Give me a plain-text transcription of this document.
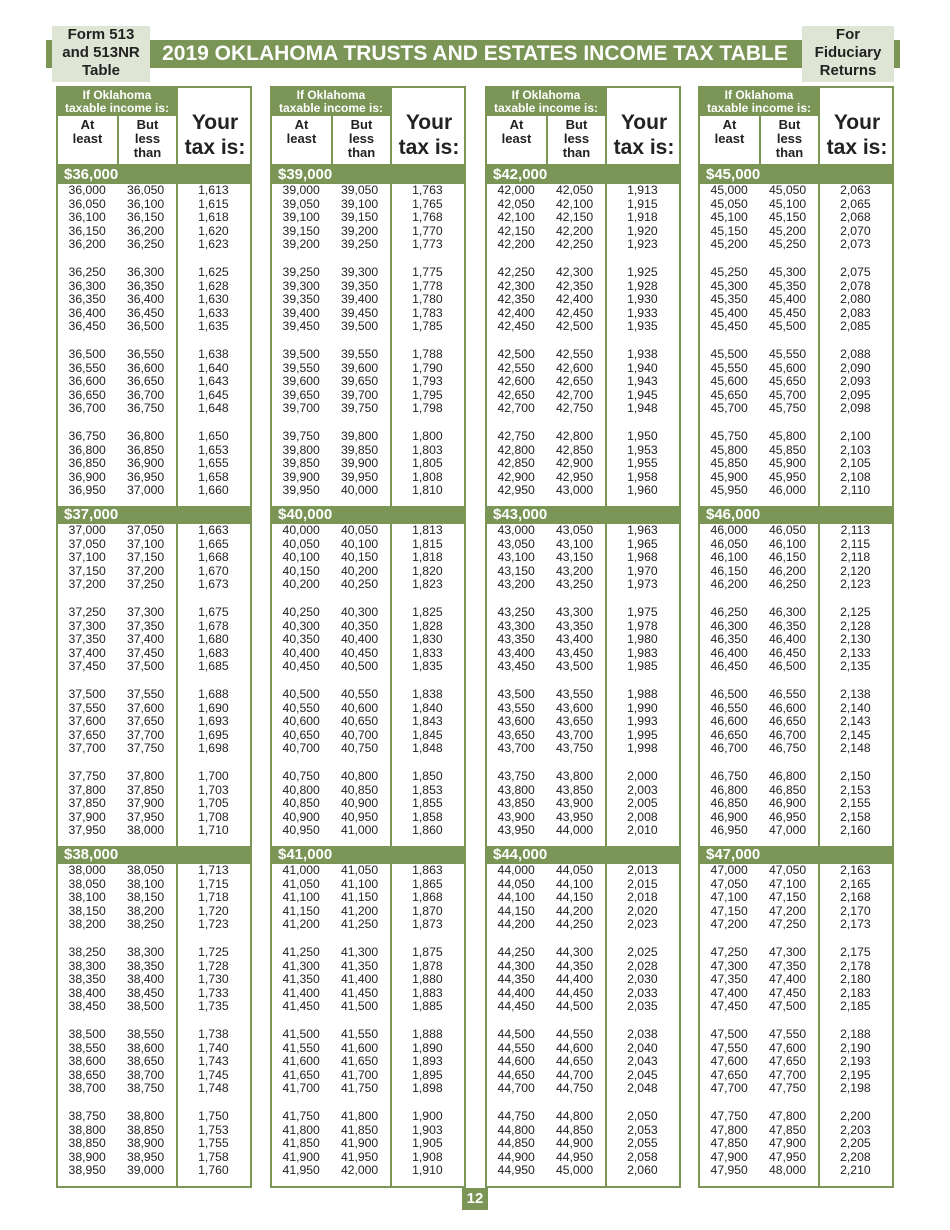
Form 513
and 513NR
Table
2019 OKLAHOMA TRUSTS AND ESTATES INCOME TAX TABLE
For
Fiduciary
Returns
If Oklahoma
taxable income is:
At
least
But
less
than
Your
tax is:
$36,000
36,000	36,050	1,613
36,050	36,100	1,615
36,100	36,150	1,618
36,150	36,200	1,620
36,200	36,250	1,623
36,250	36,300	1,625
36,300	36,350	1,628
36,350	36,400	1,630
36,400	36,450	1,633
36,450	36,500	1,635
36,500	36,550	1,638
36,550	36,600	1,640
36,600	36,650	1,643
36,650	36,700	1,645
36,700	36,750	1,648
36,750	36,800	1,650
36,800	36,850	1,653
36,850	36,900	1,655
36,900	36,950	1,658
36,950	37,000	1,660
$37,000
37,000	37,050	1,663
37,050	37,100	1,665
37,100	37,150	1,668
37,150	37,200	1,670
37,200	37,250	1,673
37,250	37,300	1,675
37,300	37,350	1,678
37,350	37,400	1,680
37,400	37,450	1,683
37,450	37,500	1,685
37,500	37,550	1,688
37,550	37,600	1,690
37,600	37,650	1,693
37,650	37,700	1,695
37,700	37,750	1,698
37,750	37,800	1,700
37,800	37,850	1,703
37,850	37,900	1,705
37,900	37,950	1,708
37,950	38,000	1,710
$38,000
38,000	38,050	1,713
38,050	38,100	1,715
38,100	38,150	1,718
38,150	38,200	1,720
38,200	38,250	1,723
38,250	38,300	1,725
38,300	38,350	1,728
38,350	38,400	1,730
38,400	38,450	1,733
38,450	38,500	1,735
38,500	38,550	1,738
38,550	38,600	1,740
38,600	38,650	1,743
38,650	38,700	1,745
38,700	38,750	1,748
38,750	38,800	1,750
38,800	38,850	1,753
38,850	38,900	1,755
38,900	38,950	1,758
38,950	39,000	1,760
If Oklahoma
taxable income is:
At
least
But
less
than
Your
tax is:
$39,000
39,000	39,050	1,763
39,050	39,100	1,765
39,100	39,150	1,768
39,150	39,200	1,770
39,200	39,250	1,773
39,250	39,300	1,775
39,300	39,350	1,778
39,350	39,400	1,780
39,400	39,450	1,783
39,450	39,500	1,785
39,500	39,550	1,788
39,550	39,600	1,790
39,600	39,650	1,793
39,650	39,700	1,795
39,700	39,750	1,798
39,750	39,800	1,800
39,800	39,850	1,803
39,850	39,900	1,805
39,900	39,950	1,808
39,950	40,000	1,810
$40,000
40,000	40,050	1,813
40,050	40,100	1,815
40,100	40,150	1,818
40,150	40,200	1,820
40,200	40,250	1,823
40,250	40,300	1,825
40,300	40,350	1,828
40,350	40,400	1,830
40,400	40,450	1,833
40,450	40,500	1,835
40,500	40,550	1,838
40,550	40,600	1,840
40,600	40,650	1,843
40,650	40,700	1,845
40,700	40,750	1,848
40,750	40,800	1,850
40,800	40,850	1,853
40,850	40,900	1,855
40,900	40,950	1,858
40,950	41,000	1,860
$41,000
41,000	41,050	1,863
41,050	41,100	1,865
41,100	41,150	1,868
41,150	41,200	1,870
41,200	41,250	1,873
41,250	41,300	1,875
41,300	41,350	1,878
41,350	41,400	1,880
41,400	41,450	1,883
41,450	41,500	1,885
41,500	41,550	1,888
41,550	41,600	1,890
41,600	41,650	1,893
41,650	41,700	1,895
41,700	41,750	1,898
41,750	41,800	1,900
41,800	41,850	1,903
41,850	41,900	1,905
41,900	41,950	1,908
41,950	42,000	1,910
If Oklahoma
taxable income is:
At
least
But
less
than
Your
tax is:
$42,000
42,000	42,050	1,913
42,050	42,100	1,915
42,100	42,150	1,918
42,150	42,200	1,920
42,200	42,250	1,923
42,250	42,300	1,925
42,300	42,350	1,928
42,350	42,400	1,930
42,400	42,450	1,933
42,450	42,500	1,935
42,500	42,550	1,938
42,550	42,600	1,940
42,600	42,650	1,943
42,650	42,700	1,945
42,700	42,750	1,948
42,750	42,800	1,950
42,800	42,850	1,953
42,850	42,900	1,955
42,900	42,950	1,958
42,950	43,000	1,960
$43,000
43,000	43,050	1,963
43,050	43,100	1,965
43,100	43,150	1,968
43,150	43,200	1,970
43,200	43,250	1,973
43,250	43,300	1,975
43,300	43,350	1,978
43,350	43,400	1,980
43,400	43,450	1,983
43,450	43,500	1,985
43,500	43,550	1,988
43,550	43,600	1,990
43,600	43,650	1,993
43,650	43,700	1,995
43,700	43,750	1,998
43,750	43,800	2,000
43,800	43,850	2,003
43,850	43,900	2,005
43,900	43,950	2,008
43,950	44,000	2,010
$44,000
44,000	44,050	2,013
44,050	44,100	2,015
44,100	44,150	2,018
44,150	44,200	2,020
44,200	44,250	2,023
44,250	44,300	2,025
44,300	44,350	2,028
44,350	44,400	2,030
44,400	44,450	2,033
44,450	44,500	2,035
44,500	44,550	2,038
44,550	44,600	2,040
44,600	44,650	2,043
44,650	44,700	2,045
44,700	44,750	2,048
44,750	44,800	2,050
44,800	44,850	2,053
44,850	44,900	2,055
44,900	44,950	2,058
44,950	45,000	2,060
If Oklahoma
taxable income is:
At
least
But
less
than
Your
tax is:
$45,000
45,000	45,050	2,063
45,050	45,100	2,065
45,100	45,150	2,068
45,150	45,200	2,070
45,200	45,250	2,073
45,250	45,300	2,075
45,300	45,350	2,078
45,350	45,400	2,080
45,400	45,450	2,083
45,450	45,500	2,085
45,500	45,550	2,088
45,550	45,600	2,090
45,600	45,650	2,093
45,650	45,700	2,095
45,700	45,750	2,098
45,750	45,800	2,100
45,800	45,850	2,103
45,850	45,900	2,105
45,900	45,950	2,108
45,950	46,000	2,110
$46,000
46,000	46,050	2,113
46,050	46,100	2,115
46,100	46,150	2,118
46,150	46,200	2,120
46,200	46,250	2,123
46,250	46,300	2,125
46,300	46,350	2,128
46,350	46,400	2,130
46,400	46,450	2,133
46,450	46,500	2,135
46,500	46,550	2,138
46,550	46,600	2,140
46,600	46,650	2,143
46,650	46,700	2,145
46,700	46,750	2,148
46,750	46,800	2,150
46,800	46,850	2,153
46,850	46,900	2,155
46,900	46,950	2,158
46,950	47,000	2,160
$47,000
47,000	47,050	2,163
47,050	47,100	2,165
47,100	47,150	2,168
47,150	47,200	2,170
47,200	47,250	2,173
47,250	47,300	2,175
47,300	47,350	2,178
47,350	47,400	2,180
47,400	47,450	2,183
47,450	47,500	2,185
47,500	47,550	2,188
47,550	47,600	2,190
47,600	47,650	2,193
47,650	47,700	2,195
47,700	47,750	2,198
47,750	47,800	2,200
47,800	47,850	2,203
47,850	47,900	2,205
47,900	47,950	2,208
47,950	48,000	2,210
12
